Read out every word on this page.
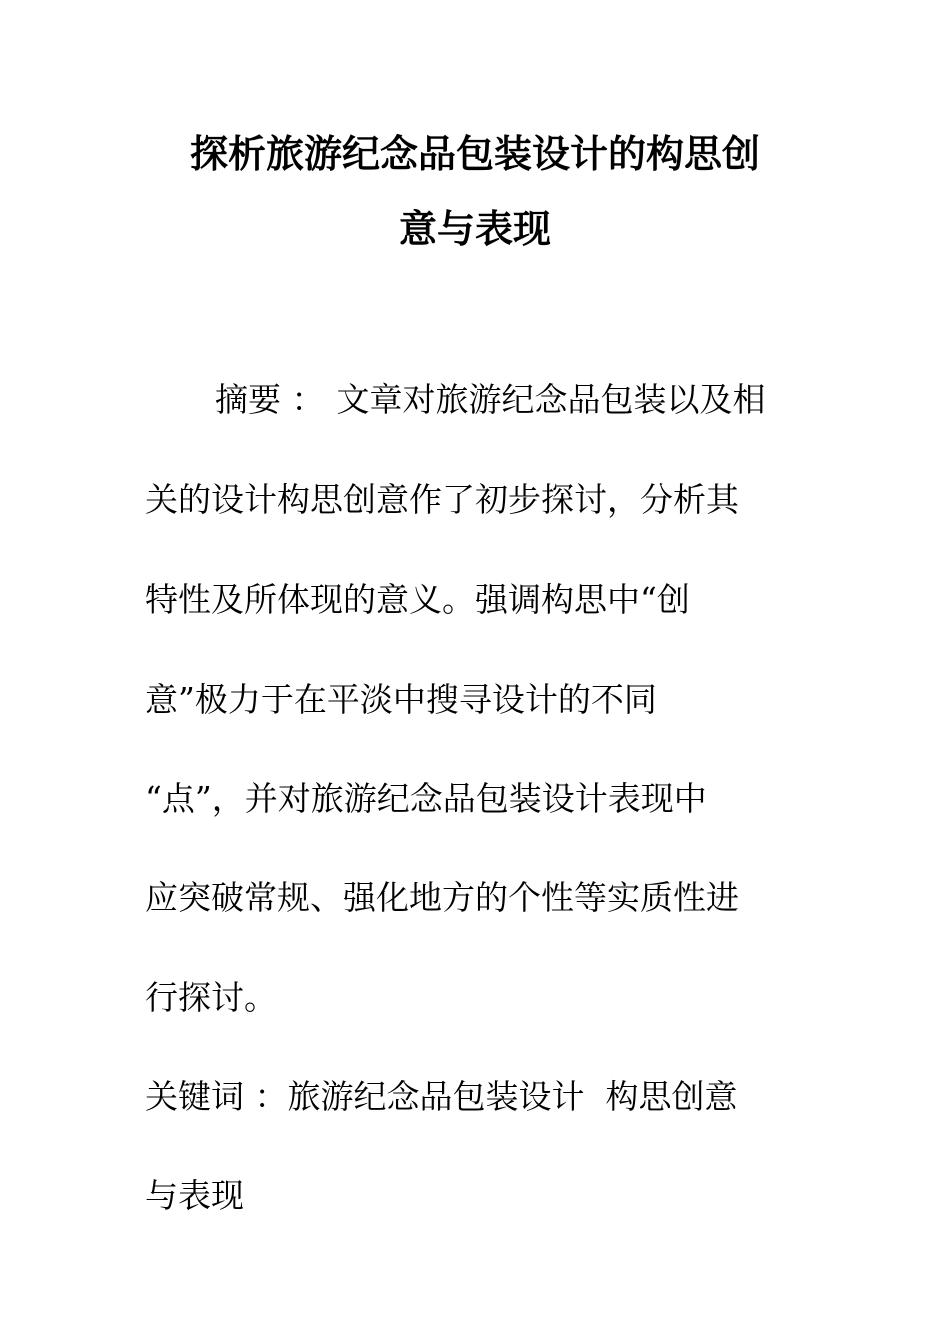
探析旅游纪念品包装设计的构思创
意与表现
摘要 ： 文章对旅游纪念品包装以及相
关的设计构思创意作了初步探讨，分析其
特性及所体现的意义。强调构思中“创
意”极力于在平淡中搜寻设计的不同
“点”，并对旅游纪念品包装设计表现中
应突破常规、强化地方的个性等实质性进
行探讨。
关键词 ：旅游纪念品包装设计  构思创意
与表现
